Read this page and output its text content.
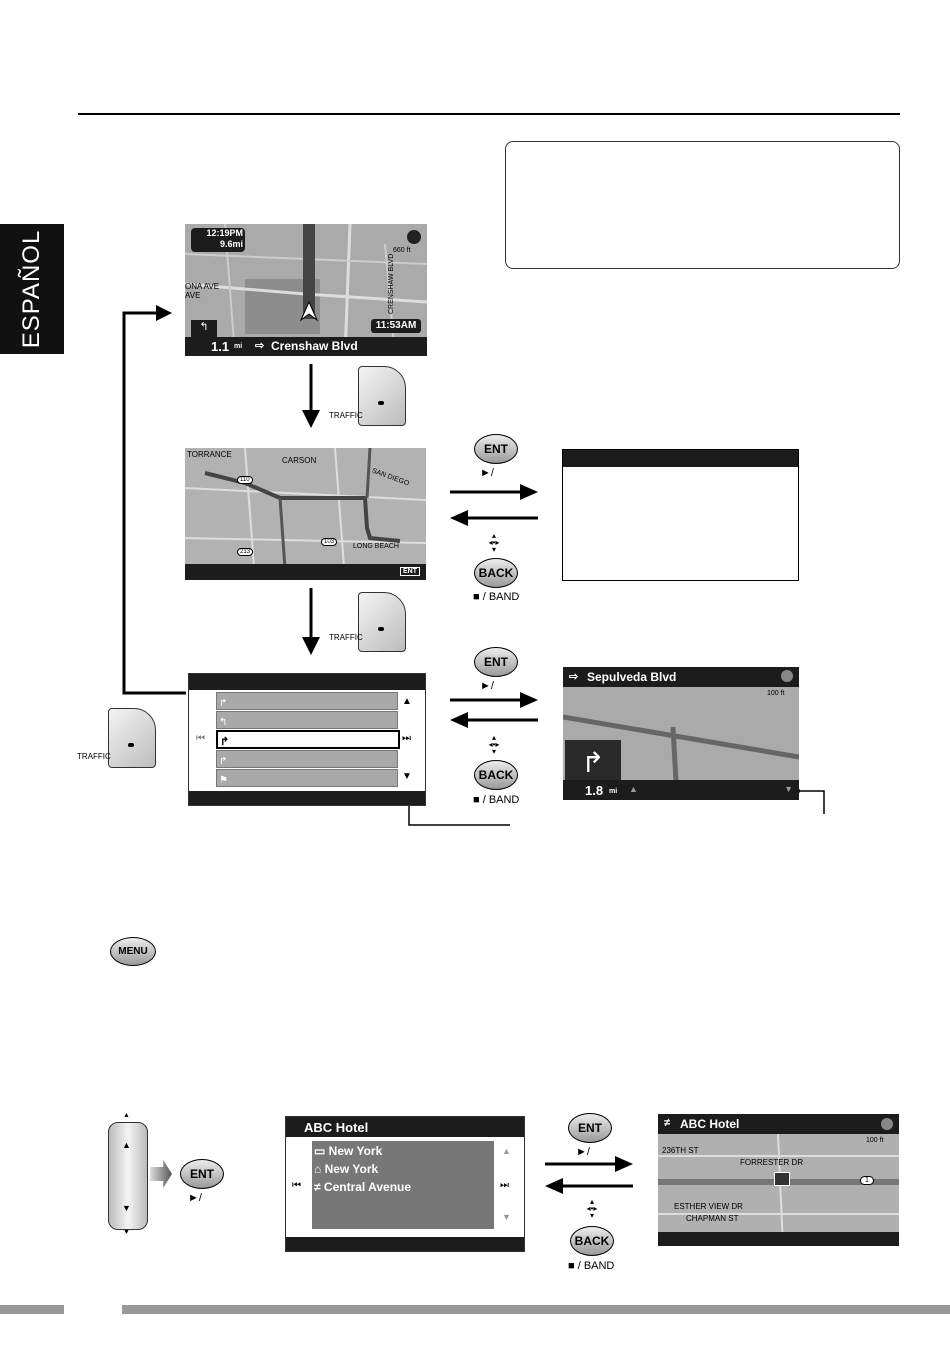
ESPAÑOL	12:19PM
9.6mi
660 ft
ONA AVE
AVE	CRENSHAW BLVD
11:53AM
↰
1.1 mi ⇨ Crenshaw Blvd
TRAFFIC
TORRANCE
CARSON
SAN DIEGO
LONG BEACH
110
213
103
ENT
ENT
►/
▴
◂•▸
▾
BACK
■ / BAND
TRAFFIC
↱
↰
↱
↱
⚑
▲
▼
⏮	⏭
TRAFFIC
ENT
►/
▴
◂•▸
▾
BACK
■ / BAND
⇨ Sepulveda Blvd
100 ft
↱
1.8 mi ▲	▼
MENU
▲
▲
▼
▼
ENT
►/
ABC Hotel
▭ New York
⌂ New York
≠ Central Avenue
▲
▼
⏮	⏭
ENT
►/
▴
◂•▸
▾
BACK
■ / BAND
≠ ABC Hotel
100 ft
236TH ST
FORRESTER DR
ESTHER VIEW DR
CHAPMAN ST
1
